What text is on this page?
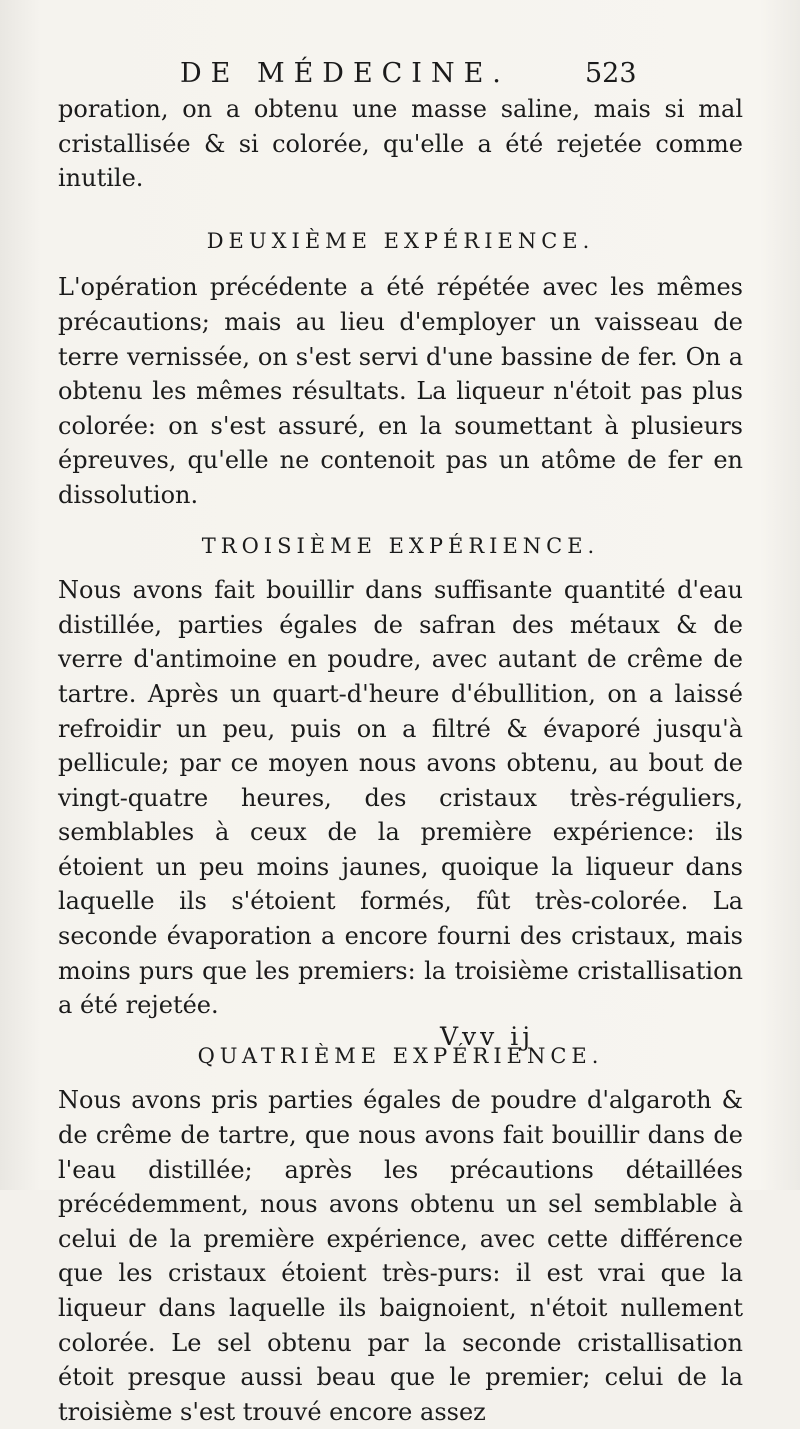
DE MÉDECINE.	523

poration, on a obtenu une masse saline, mais si mal cristallisée & si colorée, qu'elle a été rejetée comme inutile.

DEUXIÈME EXPÉRIENCE.

L'opération précédente a été répétée avec les mêmes précautions; mais au lieu d'employer un vaisseau de terre vernissée, on s'est servi d'une bassine de fer. On a obtenu les mêmes résultats. La liqueur n'étoit pas plus colorée: on s'est assuré, en la soumettant à plusieurs épreuves, qu'elle ne contenoit pas un atôme de fer en dissolution.

TROISIÈME EXPÉRIENCE.

Nous avons fait bouillir dans suffisante quantité d'eau distillée, parties égales de safran des métaux & de verre d'antimoine en poudre, avec autant de crême de tartre. Après un quart-d'heure d'ébullition, on a laissé refroidir un peu, puis on a filtré & évaporé jusqu'à pellicule; par ce moyen nous avons obtenu, au bout de vingt-quatre heures, des cristaux très-réguliers, semblables à ceux de la première expérience: ils étoient un peu moins jaunes, quoique la liqueur dans laquelle ils s'étoient formés, fût très-colorée. La seconde évaporation a encore fourni des cristaux, mais moins purs que les premiers: la troisième cristallisation a été rejetée.

QUATRIÈME EXPÉRIENCE.

Nous avons pris parties égales de poudre d'algaroth & de crême de tartre, que nous avons fait bouillir dans de l'eau distillée; après les précautions détaillées précédemment, nous avons obtenu un sel semblable à celui de la première expérience, avec cette différence que les cristaux étoient très-purs: il est vrai que la liqueur dans laquelle ils baignoient, n'étoit nullement colorée. Le sel obtenu par la seconde cristallisation étoit presque aussi beau que le premier; celui de la troisième s'est trouvé encore assez

Vvv ij
